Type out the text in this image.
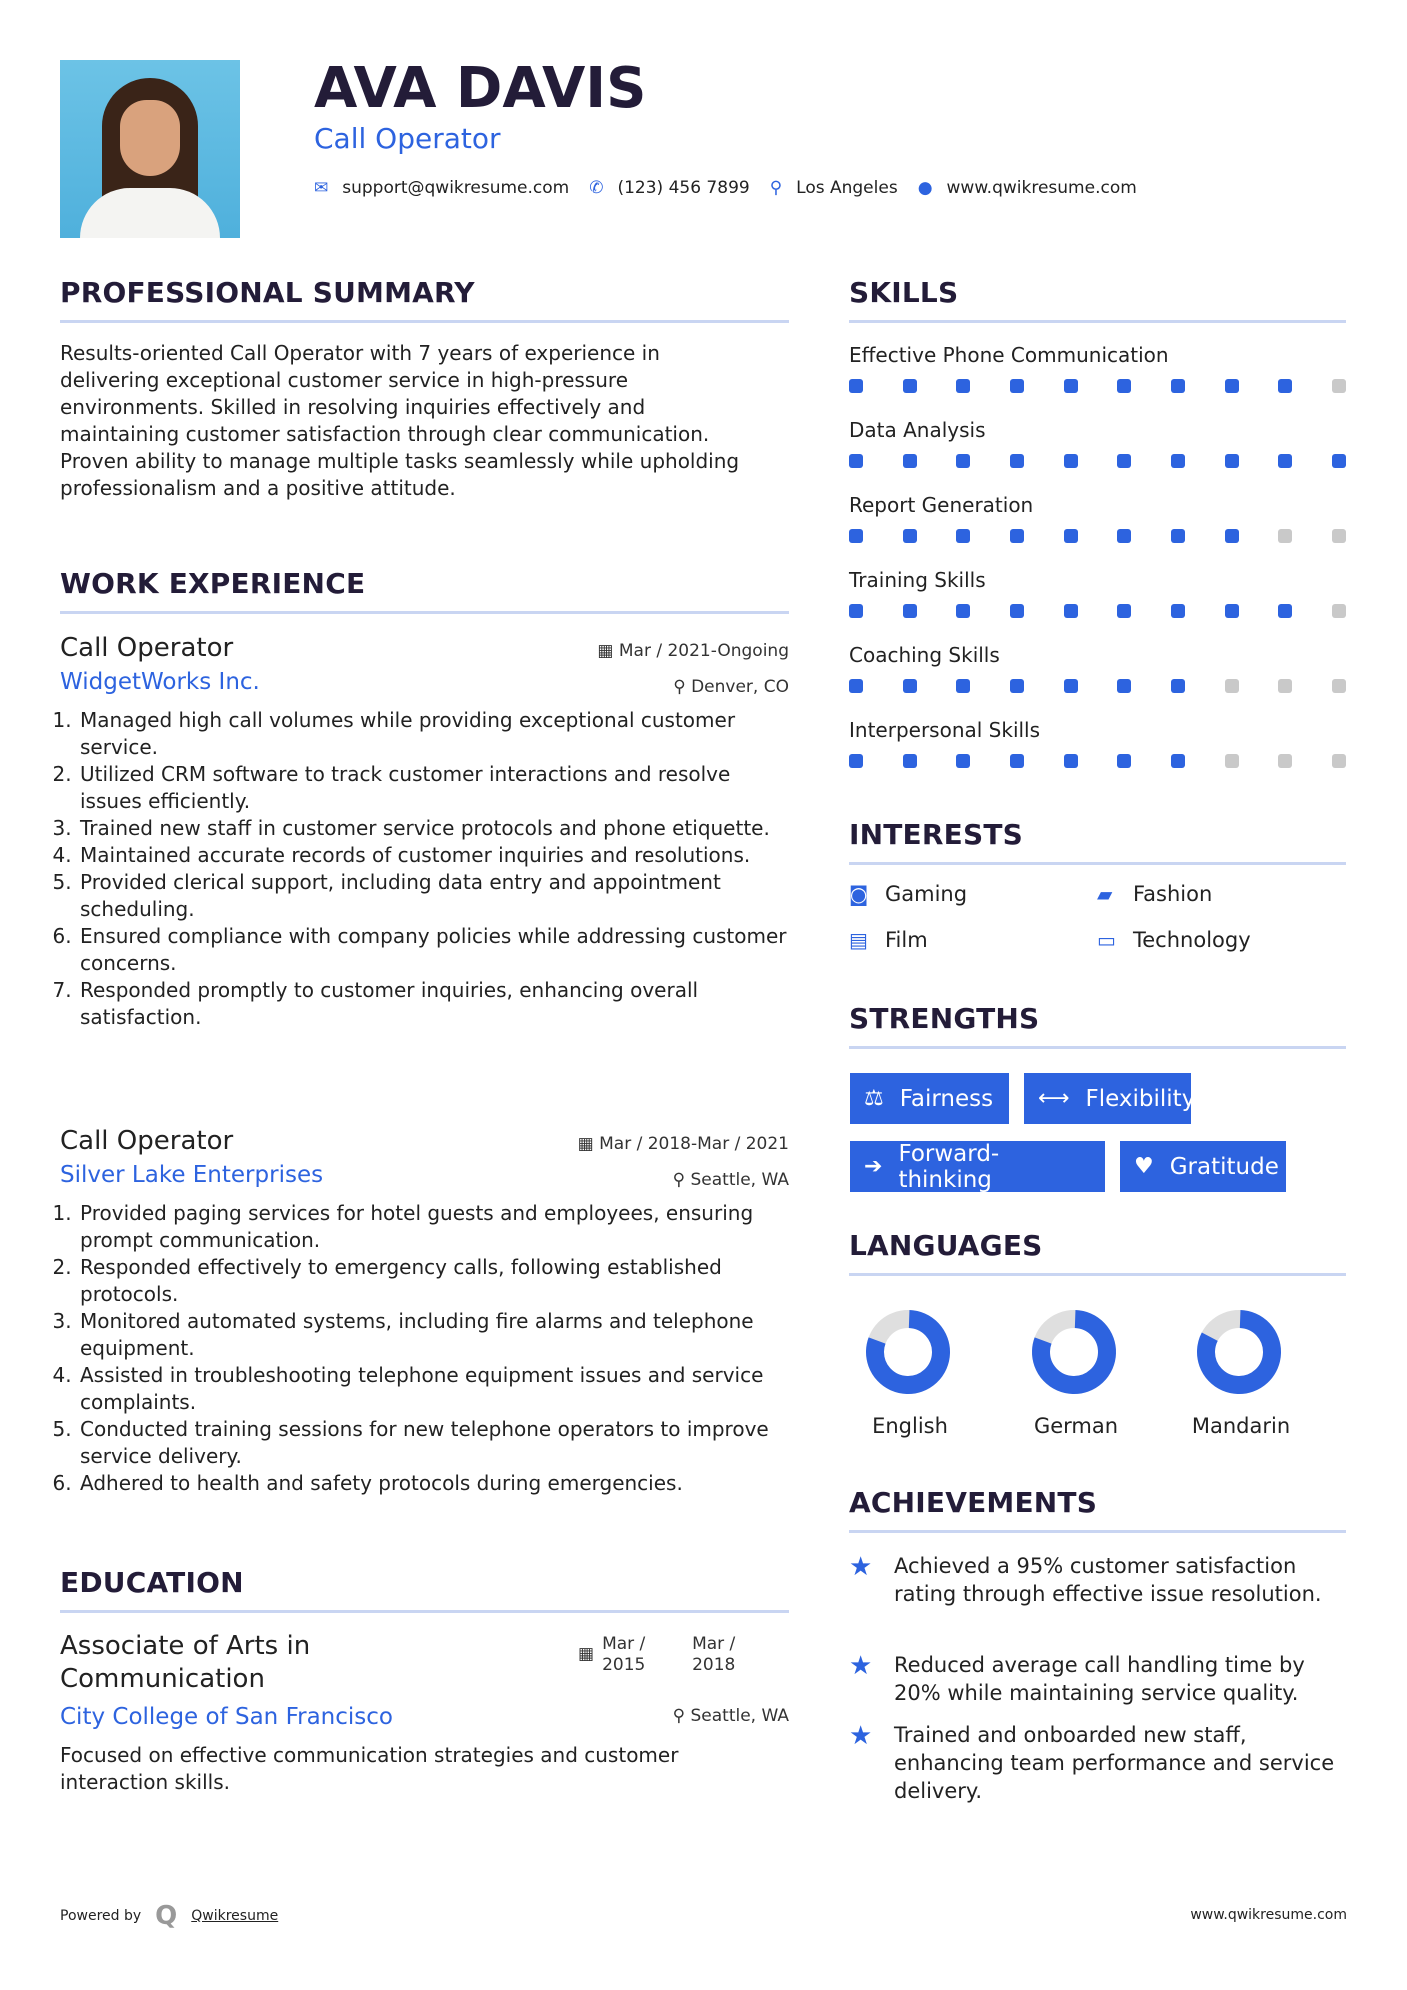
AVA DAVIS
Call Operator
✉ support@qwikresume.com ✆ (123) 456 7899 ⚲ Los Angeles ● www.qwikresume.com
PROFESSIONAL SUMMARY
Results-oriented Call Operator with 7 years of experience in delivering exceptional customer service in high-pressure environments. Skilled in resolving inquiries effectively and maintaining customer satisfaction through clear communication. Proven ability to manage multiple tasks seamlessly while upholding professionalism and a positive attitude.
WORK EXPERIENCE
Call Operator
WidgetWorks Inc.
▦ Mar / 2021-Ongoing
⚲ Denver, CO
1. Managed high call volumes while providing exceptional customer service.
2. Utilized CRM software to track customer interactions and resolve issues efficiently.
3. Trained new staff in customer service protocols and phone etiquette.
4. Maintained accurate records of customer inquiries and resolutions.
5. Provided clerical support, including data entry and appointment scheduling.
6. Ensured compliance with company policies while addressing customer concerns.
7. Responded promptly to customer inquiries, enhancing overall satisfaction.
Call Operator
Silver Lake Enterprises
▦ Mar / 2018-Mar / 2021
⚲ Seattle, WA
1. Provided paging services for hotel guests and employees, ensuring prompt communication.
2. Responded effectively to emergency calls, following established protocols.
3. Monitored automated systems, including fire alarms and telephone equipment.
4. Assisted in troubleshooting telephone equipment issues and service complaints.
5. Conducted training sessions for new telephone operators to improve service delivery.
6. Adhered to health and safety protocols during emergencies.
EDUCATION
Associate of Arts in Communication
▦ Mar /
2015
Mar /
2018
City College of San Francisco	⚲ Seattle, WA
Focused on effective communication strategies and customer interaction skills.
SKILLS
Effective Phone Communication
Data Analysis
Report Generation
Training Skills
Coaching Skills
Interpersonal Skills
INTERESTS
◙ Gaming	▰ Fashion
▤ Film	▭ Technology
STRENGTHS
⚖ Fairness ⟷ Flexibility
➔ Forward-thinking	♥ Gratitude
LANGUAGES
English	German	Mandarin
ACHIEVEMENTS
★	Achieved a 95% customer satisfaction rating through effective issue resolution.
★	Reduced average call handling time by 20% while maintaining service quality.
★	Trained and onboarded new staff, enhancing team performance and service delivery.
Powered by Q Qwikresume	www.qwikresume.com
